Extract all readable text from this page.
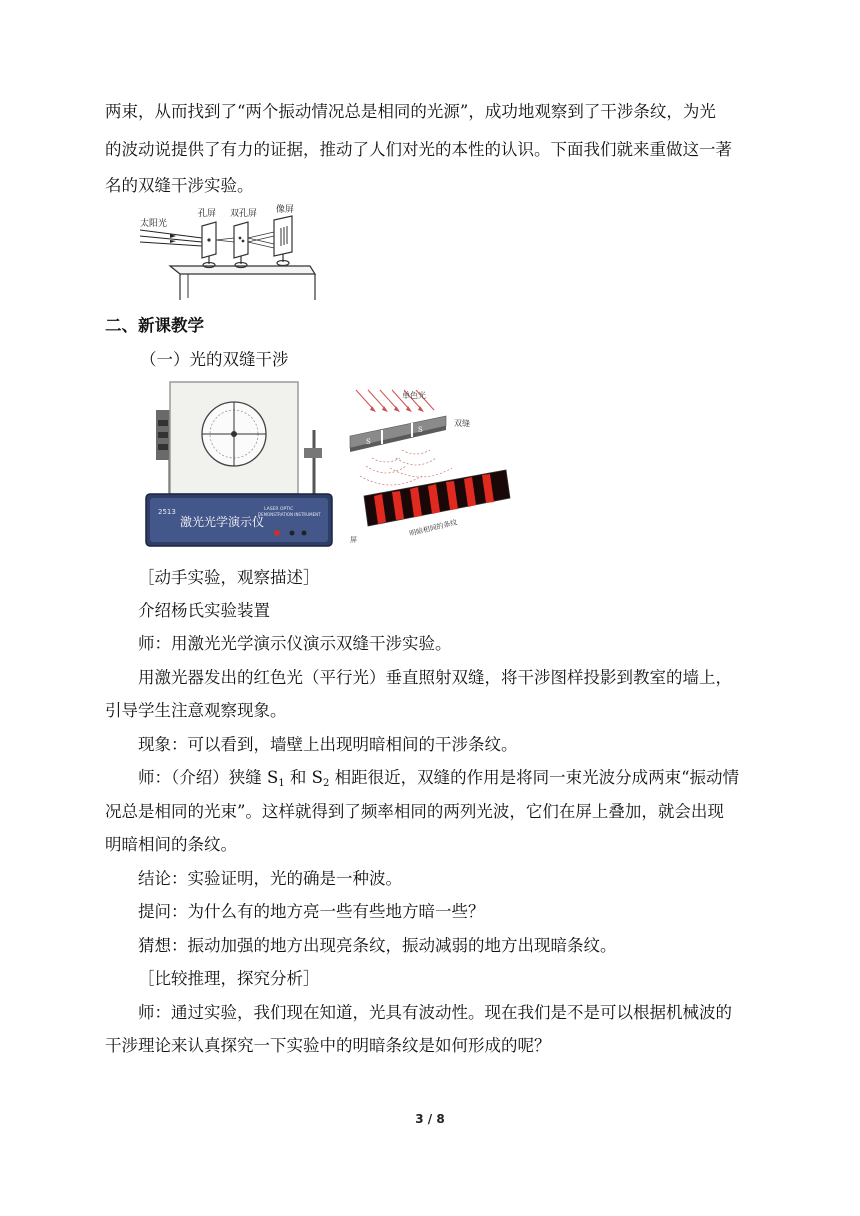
两束，从而找到了“两个振动情况总是相同的光源”，成功地观察到了干涉条纹，为光
的波动说提供了有力的证据，推动了人们对光的本性的认识。下面我们就来重做这一著
名的双缝干涉实验。
太阳光
孔屏 双孔屏 像屏
二、新课教学
（一）光的双缝干涉
2513
激光光学演示仪
LASER OPTIC
DEMONSTRATION INSTRUMENT
S
S
单色光
双缝
屏
明暗相间的条纹
［动手实验，观察描述］
介绍杨氏实验装置
师：用激光光学演示仪演示双缝干涉实验。
用激光器发出的红色光（平行光）垂直照射双缝，将干涉图样投影到教室的墙上，
引导学生注意观察现象。
现象：可以看到，墙壁上出现明暗相间的干涉条纹。
师：（介绍）狭缝 $S_1$ 和 $S_2$ 相距很近，双缝的作用是将同一束光波分成两束“振动情
况总是相同的光束”。这样就得到了频率相同的两列光波，它们在屏上叠加，就会出现
明暗相间的条纹。
结论：实验证明，光的确是一种波。
提问：为什么有的地方亮一些有些地方暗一些？
猜想：振动加强的地方出现亮条纹，振动减弱的地方出现暗条纹。
［比较推理，探究分析］
师：通过实验，我们现在知道，光具有波动性。现在我们是不是可以根据机械波的
干涉理论来认真探究一下实验中的明暗条纹是如何形成的呢？
3 / 8
